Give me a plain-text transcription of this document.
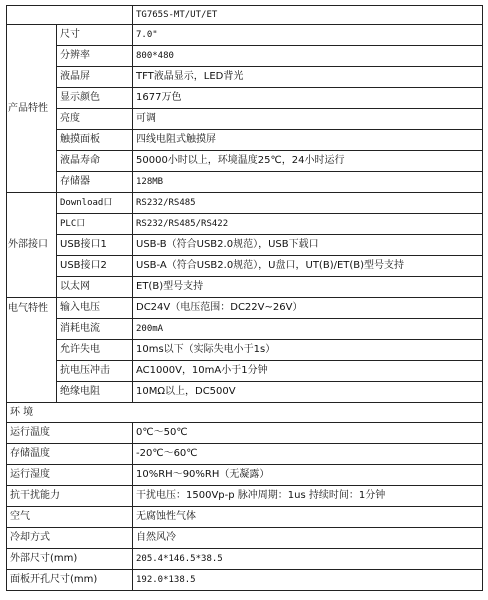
		TG765S-MT/UT/ET
产品特性	尺寸	7.0"
	分辨率	800*480
	液晶屏	TFT液晶显示，LED背光
	显示颜色	1677万色
	亮度	可调
	触摸面板	四线电阻式触摸屏
	液晶寿命	50000小时以上，环境温度25℃，24小时运行
	存储器	128MB
外部接口	Download口	RS232/RS485
	PLC口	RS232/RS485/RS422
	USB接口1	USB-B（符合USB2.0规范），USB下载口
	USB接口2	USB-A（符合USB2.0规范），U盘口，UT(B)/ET(B)型号支持
	以太网	ET(B)型号支持
电气特性	输入电压	DC24V（电压范围：DC22V~26V）
	消耗电流	200mA
	允许失电	10ms以下（实际失电小于1s）
	抗电压冲击	AC1000V，10mA小于1分钟
	绝缘电阻	10MΩ以上，DC500V
环 境		
运行温度		0℃～50℃
存储温度		-20℃～60℃
运行湿度		10%RH～90%RH（无凝露）
抗干扰能力		干扰电压：1500Vp-p 脉冲周期：1us 持续时间：1分钟
空气		无腐蚀性气体
冷却方式		自然风冷
外部尺寸(mm)		205.4*146.5*38.5
面板开孔尺寸(mm)		192.0*138.5
